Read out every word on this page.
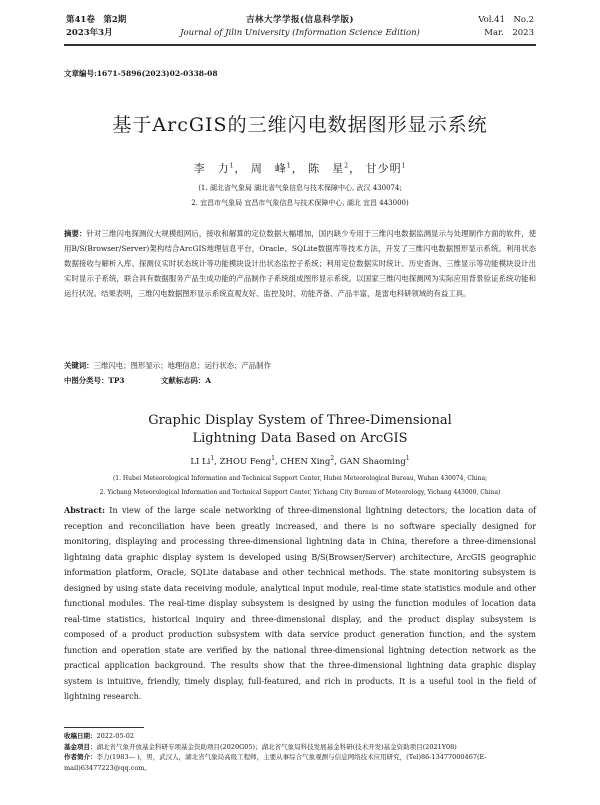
第41卷　第2期
2023年3月
吉林大学学报(信息科学版)
Journal of Jilin University (Information Science Edition)
Vol.41　No.2
Mar.　2023
文章编号:1671-5896(2023)02-0338-08
基于ArcGIS的三维闪电数据图形显示系统
李　力$^1$， 周　峰$^1$， 陈　星$^2$， 甘少明$^1$
(1. 湖北省气象局 湖北省气象信息与技术保障中心, 武汉 430074;
2. 宜昌市气象局 宜昌市气象信息与技术保障中心, 湖北 宜昌 443000)
摘要：针对三维闪电探测仪大规模组网后，接收和解算的定位数据大幅增加，国内缺少专用于三维闪电数据监测显示与处理制作方面的软件，使用B/S(Browser/Server)架构结合ArcGIS地理信息平台，Oracle、SQLite数据库等技术方法，开发了三维闪电数据图形显示系统。利用状态数据接收与解析入库、探测仪实时状态统计等功能模块设计出状态监控子系统；利用定位数据实时统计、历史查询、三维显示等功能模块设计出实时显示子系统，联合具有数据服务产品生成功能的产品制作子系统组成图形显示系统。以国家三维闪电探测网为实际应用背景验证系统功能和运行状况。结果表明，三维闪电数据图形显示系统直观友好、监控及时、功能齐备、产品丰富，是雷电科研领域的有益工具。
关键词：三维闪电；图形显示；地理信息；运行状态；产品制作
中图分类号：TP3	文献标志码：A
Graphic Display System of Three-Dimensional
Lightning Data Based on ArcGIS
LI Li$^1$, ZHOU Feng$^1$, CHEN Xing$^2$, GAN Shaoming$^1$
(1. Hubei Meteorological Information and Technical Support Center, Hubei Meteorological Bureau, Wuhan 430074, China;
2. Yichang Meteorological Information and Technical Support Center, Yichang City Bureau of Meteorology, Yichang 443000, China)
Abstract: In view of the large scale networking of three-dimensional lightning detectors, the location data of reception and reconciliation have been greatly increased, and there is no software specially designed for monitoring, displaying and processing three-dimensional lightning data in China, therefore a three-dimensional lightning data graphic display system is developed using B/S(Browser/Server) architecture, ArcGIS geographic information platform, Oracle, SQLite database and other technical methods. The state monitoring subsystem is designed by using state data receiving module, analytical input module, real-time state statistics module and other functional modules. The real-time display subsystem is designed by using the function modules of location data real-time statistics, historical inquiry and three-dimensional display, and the product display subsystem is composed of a product production subsystem with data service product generation function, and the system function and operation state are verified by the national three-dimensional lightning detection network as the practical application background. The results show that the three-dimensional lightning data graphic display system is intuitive, friendly, timely display, full-featured, and rich in products. It is a useful tool in the field of lightning research.
收稿日期：2022-05-02
基金项目：湖北省气象开放基金科研专项基金资助项目(2020G05)；湖北省气象局科技发展基金科研(技术开发)基金资助项目(2021Y08)
作者简介：李力(1983— )，男，武汉人，湖北省气象局高级工程师，主要从事综合气象观测与信息网络技术应用研究，(Tel)86-13477000467(E-mail)63477223@qq.com。
